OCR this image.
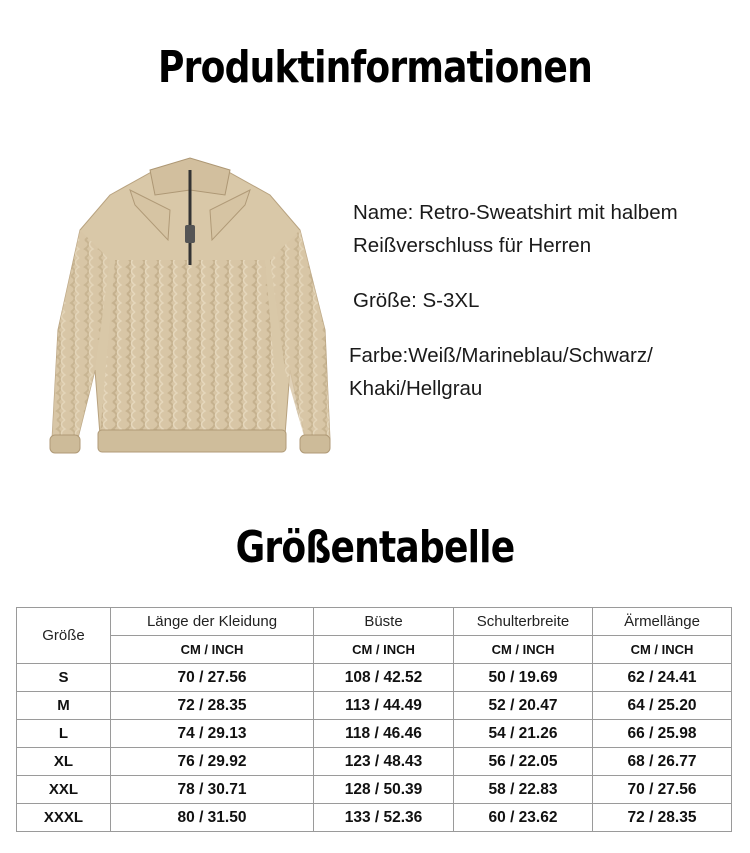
Produktinformationen
Name: Retro-Sweatshirt mit halbem
Reißverschluss für Herren
Größe: S-3XL
Farbe:Weiß/Marineblau/Schwarz/
Khaki/Hellgrau
Größentabelle
Größe	Länge der Kleidung	Büste	Schulterbreite	Ärmellänge
	CM / INCH	CM / INCH	CM / INCH	CM / INCH
S	70 / 27.56	108 / 42.52	50 / 19.69	62 / 24.41
M	72 / 28.35	113 / 44.49	52 / 20.47	64 / 25.20
L	74 / 29.13	118 / 46.46	54 / 21.26	66 / 25.98
XL	76 / 29.92	123 / 48.43	56 / 22.05	68 / 26.77
XXL	78 / 30.71	128 / 50.39	58 / 22.83	70 / 27.56
XXXL	80 / 31.50	133 / 52.36	60 / 23.62	72 / 28.35
